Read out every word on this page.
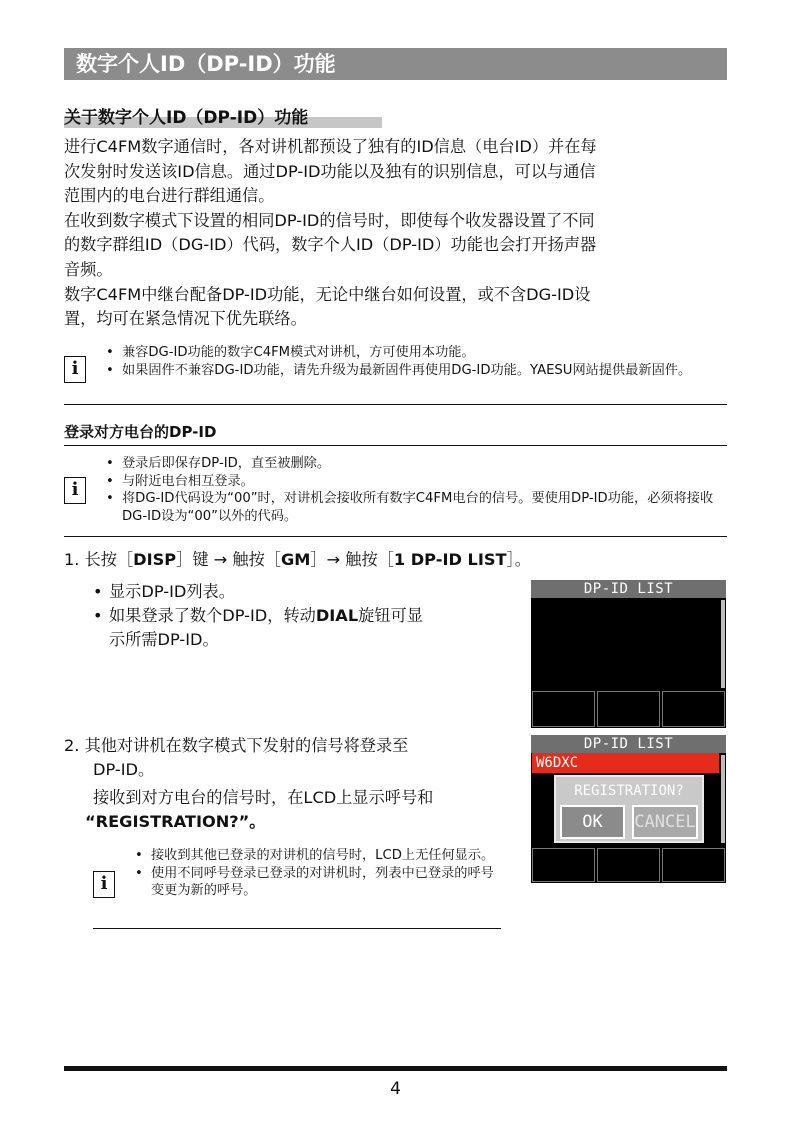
数字个人ID（DP-ID）功能
关于数字个人ID（DP-ID）功能

进行C4FM数字通信时，各对讲机都预设了独有的ID信息（电台ID）并在每

次发射时发送该ID信息。通过DP-ID功能以及独有的识别信息，可以与通信

范围内的电台进行群组通信。

在收到数字模式下设置的相同DP-ID的信号时，即使每个收发器设置了不同

的数字群组ID（DG-ID）代码，数字个人ID（DP-ID）功能也会打开扬声器

音频。

数字C4FM中继台配备DP-ID功能，无论中继台如何设置，或不含DG-ID设

置，均可在紧急情况下优先联络。

i
• 兼容DG-ID功能的数字C4FM模式对讲机，方可使用本功能。
• 如果固件不兼容DG-ID功能，请先升级为最新固件再使用DG-ID功能。YAESU网站提供最新固件。
登录对方电台的DP-ID
i
• 登录后即保存DP-ID，直至被删除。
• 与附近电台相互登录。
• 将DG-ID代码设为“00”时，对讲机会接收所有数字C4FM电台的信号。要使用DP-ID功能，必须将接收DG-ID设为“00”以外的代码。
1. 长按［DISP］键 → 触按［GM］→ 触按［1 DP-ID LIST］。
• 显示DP-ID列表。
• 如果登录了数个DP-ID，转动DIAL旋钮可显
示所需DP-ID。
DP-ID LIST
2. 其他对讲机在数字模式下发射的信号将登录至
DP-ID。
接收到对方电台的信号时，在LCD上显示呼号和
“REGISTRATION?”。
i
• 接收到其他已登录的对讲机的信号时，LCD上无任何显示。
• 使用不同呼号登录已登录的对讲机时，列表中已登录的呼号变更为新的呼号。
DP-ID LIST
W6DXC
REGISTRATION?
OK	CANCEL
4
